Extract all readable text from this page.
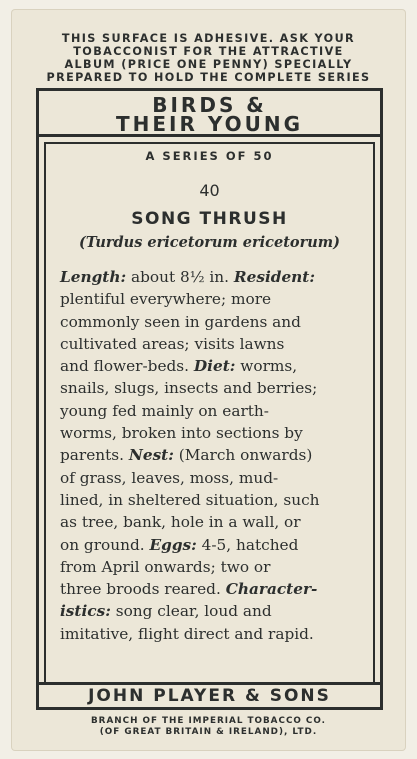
THIS SURFACE IS ADHESIVE. ASK YOUR
TOBACCONIST FOR THE ATTRACTIVE
ALBUM (PRICE ONE PENNY) SPECIALLY
PREPARED TO HOLD THE COMPLETE SERIES
BIRDS &
THEIR YOUNG
A SERIES OF 50
40
SONG THRUSH
(Turdus ericetorum ericetorum)
Length: about 8½ in. Resident:
plentiful everywhere; more
commonly seen in gardens and
cultivated areas; visits lawns
and flower-beds. Diet: worms,
snails, slugs, insects and berries;
young fed mainly on earth-
worms, broken into sections by
parents. Nest: (March onwards)
of grass, leaves, moss, mud-
lined, in sheltered situation, such
as tree, bank, hole in a wall, or
on ground. Eggs: 4-5, hatched
from April onwards; two or
three broods reared. Character-
istics: song clear, loud and
imitative, flight direct and rapid.
JOHN PLAYER & SONS
BRANCH OF THE IMPERIAL TOBACCO CO.
(OF GREAT BRITAIN & IRELAND), LTD.
